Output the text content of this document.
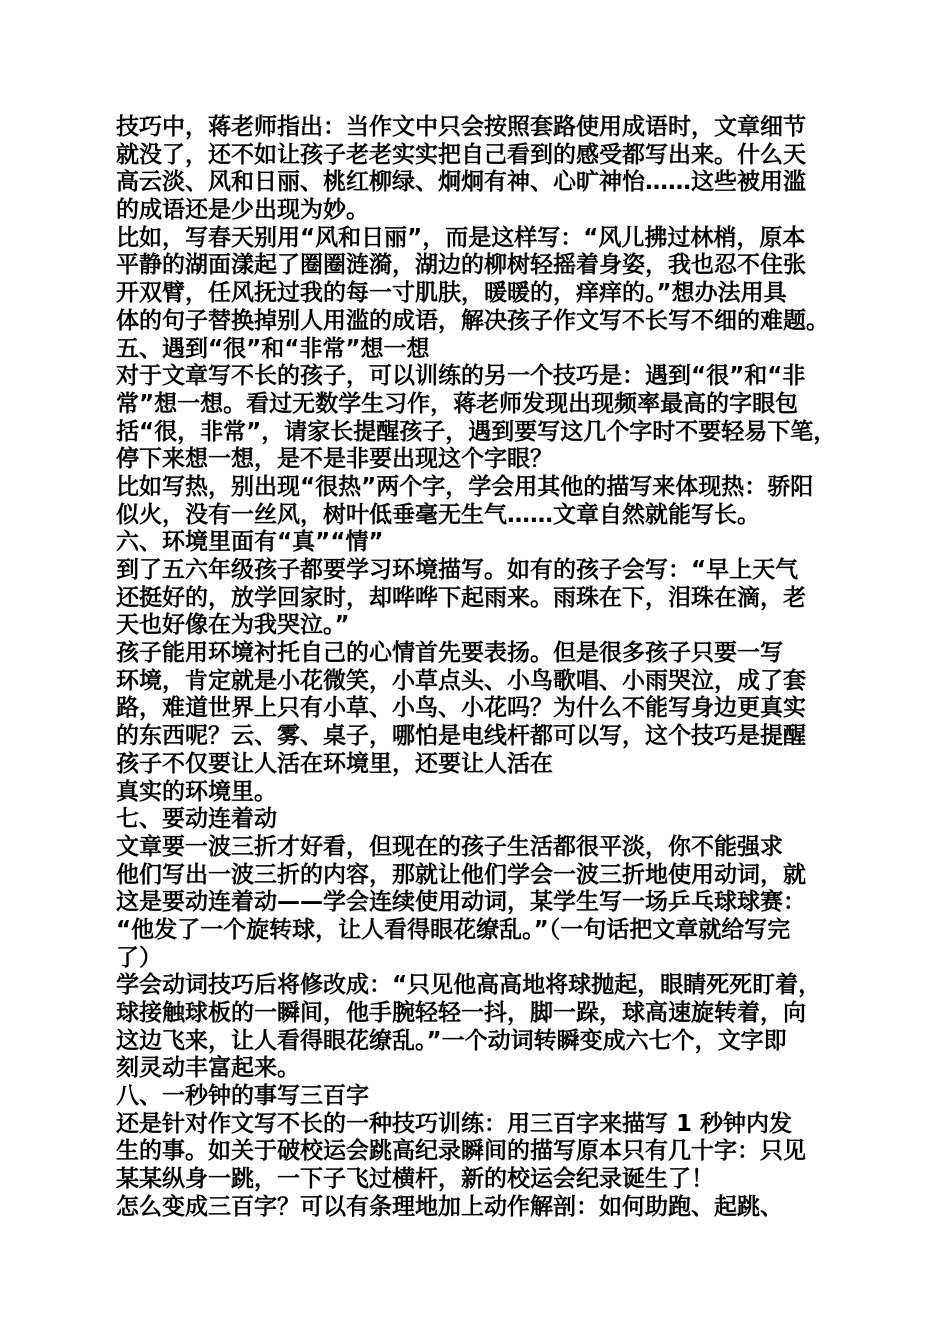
技巧中，蒋老师指出：当作文中只会按照套路使用成语时，文章细节
就没了，还不如让孩子老老实实把自己看到的感受都写出来。什么天
高云淡、风和日丽、桃红柳绿、炯炯有神、心旷神怡……这些被用滥
的成语还是少出现为妙。
比如，写春天别用“风和日丽”，而是这样写：“风儿拂过林梢，原本
平静的湖面漾起了圈圈涟漪，湖边的柳树轻摇着身姿，我也忍不住张
开双臂，任风抚过我的每一寸肌肤，暖暖的，痒痒的。”想办法用具
体的句子替换掉别人用滥的成语，解决孩子作文写不长写不细的难题。
五、遇到“很”和“非常”想一想
对于文章写不长的孩子，可以训练的另一个技巧是：遇到“很”和“非
常”想一想。看过无数学生习作，蒋老师发现出现频率最高的字眼包
括“很，非常”，请家长提醒孩子，遇到要写这几个字时不要轻易下笔，
停下来想一想，是不是非要出现这个字眼？
比如写热，别出现“很热”两个字，学会用其他的描写来体现热：骄阳
似火，没有一丝风，树叶低垂毫无生气……文章自然就能写长。
六、环境里面有“真”“情”
到了五六年级孩子都要学习环境描写。如有的孩子会写：“早上天气
还挺好的，放学回家时，却哗哗下起雨来。雨珠在下，泪珠在滴，老
天也好像在为我哭泣。”
孩子能用环境衬托自己的心情首先要表扬。但是很多孩子只要一写
环境，肯定就是小花微笑，小草点头、小鸟歌唱、小雨哭泣，成了套
路，难道世界上只有小草、小鸟、小花吗？为什么不能写身边更真实
的东西呢？云、雾、桌子，哪怕是电线杆都可以写，这个技巧是提醒
孩子不仅要让人活在环境里，还要让人活在
真实的环境里。
七、要动连着动
文章要一波三折才好看，但现在的孩子生活都很平淡，你不能强求
他们写出一波三折的内容，那就让他们学会一波三折地使用动词，就
这是要动连着动——学会连续使用动词，某学生写一场乒乓球球赛：
“他发了一个旋转球，让人看得眼花缭乱。”（一句话把文章就给写完
了）
学会动词技巧后将修改成：“只见他高高地将球抛起，眼睛死死盯着，
球接触球板的一瞬间，他手腕轻轻一抖，脚一跺，球高速旋转着，向
这边飞来，让人看得眼花缭乱。”一个动词转瞬变成六七个，文字即
刻灵动丰富起来。
八、一秒钟的事写三百字
还是针对作文写不长的一种技巧训练：用三百字来描写 1 秒钟内发
生的事。如关于破校运会跳高纪录瞬间的描写原本只有几十字：只见
某某纵身一跳，一下子飞过横杆，新的校运会纪录诞生了！
怎么变成三百字？可以有条理地加上动作解剖：如何助跑、起跳、
